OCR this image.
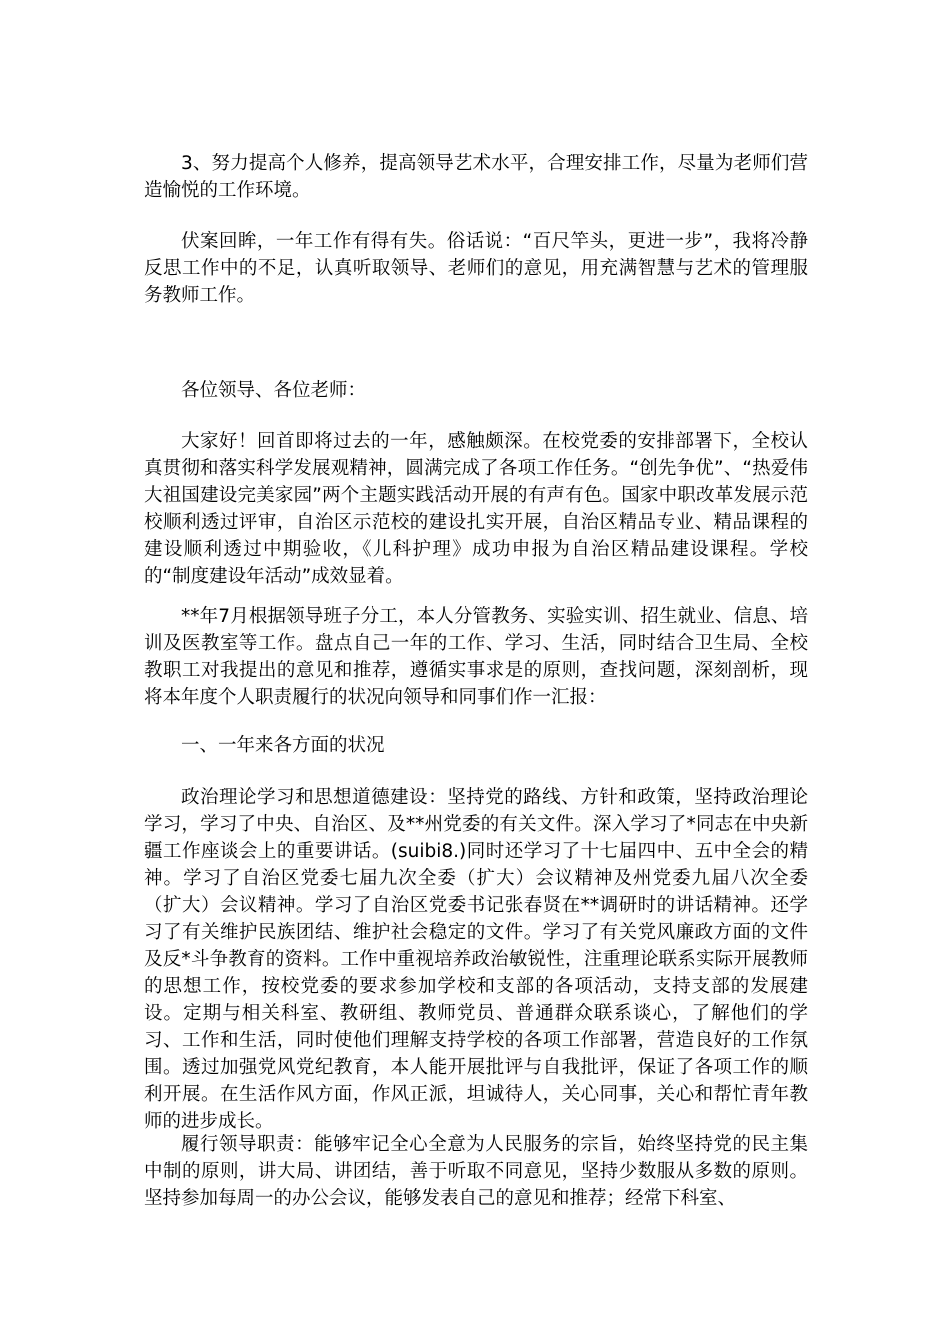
3、努力提高个人修养，提高领导艺术水平，合理安排工作，尽量为老师们营造愉悦的工作环境。

伏案回眸，一年工作有得有失。俗话说：“百尺竿头，更进一步”，我将冷静反思工作中的不足，认真听取领导、老师们的意见，用充满智慧与艺术的管理服务教师工作。

各位领导、各位老师：

大家好！回首即将过去的一年，感触颇深。在校党委的安排部署下，全校认真贯彻和落实科学发展观精神，圆满完成了各项工作任务。“创先争优”、“热爱伟大祖国建设完美家园”两个主题实践活动开展的有声有色。国家中职改革发展示范校顺利透过评审，自治区示范校的建设扎实开展，自治区精品专业、精品课程的建设顺利透过中期验收，《儿科护理》成功申报为自治区精品建设课程。学校的“制度建设年活动”成效显着。

**年7月根据领导班子分工，本人分管教务、实验实训、招生就业、信息、培训及医教室等工作。盘点自己一年的工作、学习、生活，同时结合卫生局、全校教职工对我提出的意见和推荐，遵循实事求是的原则，查找问题，深刻剖析，现将本年度个人职责履行的状况向领导和同事们作一汇报：

一、一年来各方面的状况

政治理论学习和思想道德建设：坚持党的路线、方针和政策，坚持政治理论学习，学习了中央、自治区、及**州党委的有关文件。深入学习了*同志在中央新疆工作座谈会上的重要讲话。(suibi8.)同时还学习了十七届四中、五中全会的精神。学习了自治区党委七届九次全委（扩大）会议精神及州党委九届八次全委（扩大）会议精神。学习了自治区党委书记张春贤在**调研时的讲话精神。还学习了有关维护民族团结、维护社会稳定的文件。学习了有关党风廉政方面的文件及反*斗争教育的资料。工作中重视培养政治敏锐性，注重理论联系实际开展教师的思想工作，按校党委的要求参加学校和支部的各项活动，支持支部的发展建设。定期与相关科室、教研组、教师党员、普通群众联系谈心，了解他们的学习、工作和生活，同时使他们理解支持学校的各项工作部署，营造良好的工作氛围。透过加强党风党纪教育，本人能开展批评与自我批评，保证了各项工作的顺利开展。在生活作风方面，作风正派，坦诚待人，关心同事，关心和帮忙青年教师的进步成长。

履行领导职责：能够牢记全心全意为人民服务的宗旨，始终坚持党的民主集中制的原则，讲大局、讲团结，善于听取不同意见，坚持少数服从多数的原则。坚持参加每周一的办公会议，能够发表自己的意见和推荐；经常下科室、
